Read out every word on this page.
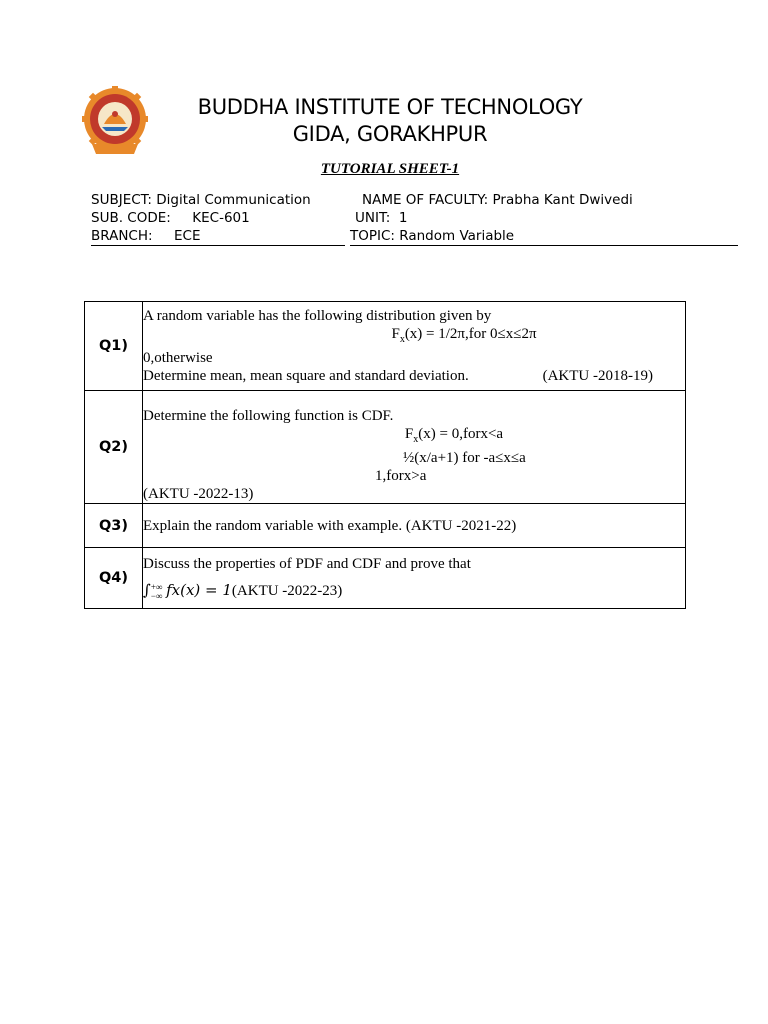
BUDDHA INSTITUTE OF TECHNOLOGY
GIDA, GORAKHPUR
TUTORIAL SHEET-1
SUBJECT: Digital Communication	NAME OF FACULTY: Prabha Kant Dwivedi
SUB. CODE:     KEC-601	UNIT:  1
BRANCH:     ECE	TOPIC: Random Variable
Q1)	A random variable has the following distribution given by
$F_x(x) = 1/2\pi,for$ 0≤x≤2π
0,otherwise
Determine mean, mean square and standard deviation. (AKTU -2018-19)

Q2)	Determine the following function is CDF.
$F_x(x)$ = 0,forx<a
½(x/a+1) for -a≤x≤a
1,forx>a
(AKTU -2022-13)

Q3)	Explain the random variable with example. (AKTU -2021-22)
Q4)	Discuss the properties of PDF and CDF and prove that
∫+∞
−∞ fx(x) = 1(AKTU -2022-23)
